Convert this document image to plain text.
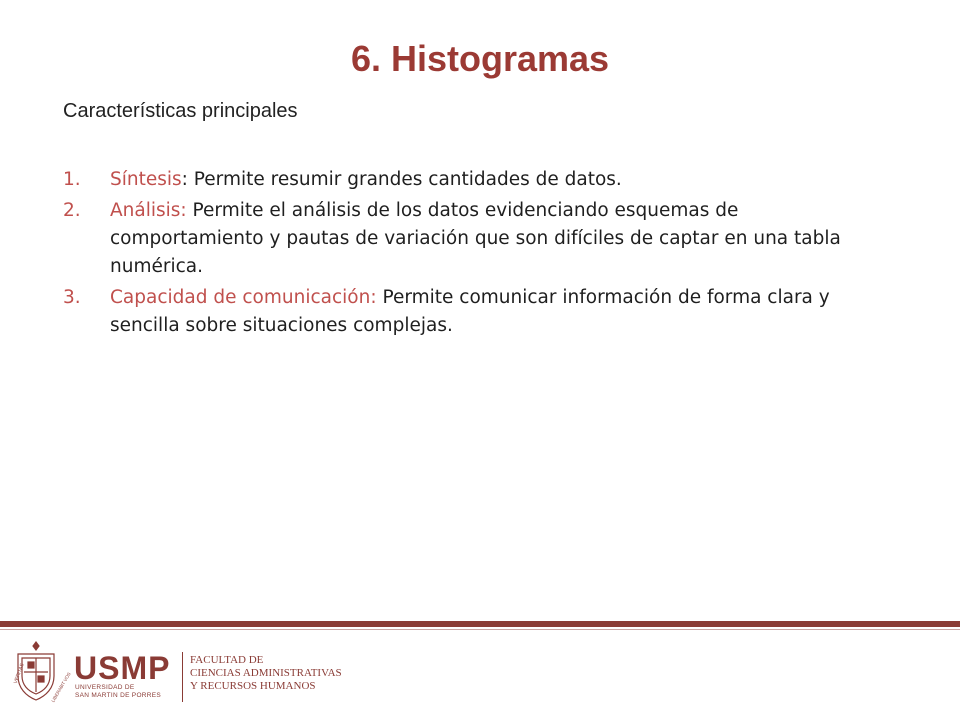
6. Histogramas
Características principales
1. Síntesis: Permite resumir grandes cantidades de datos.
2. Análisis: Permite el análisis de los datos evidenciando esquemas de comportamiento y pautas de variación que son difíciles de captar en una tabla numérica.
3. Capacidad de comunicación: Permite comunicar información de forma clara y sencilla sobre situaciones complejas.
VERITAS	LIBERABIT VOS
USMP
UNIVERSIDAD DE
SAN MARTIN DE PORRES
FACULTAD DE
CIENCIAS ADMINISTRATIVAS
Y RECURSOS HUMANOS
